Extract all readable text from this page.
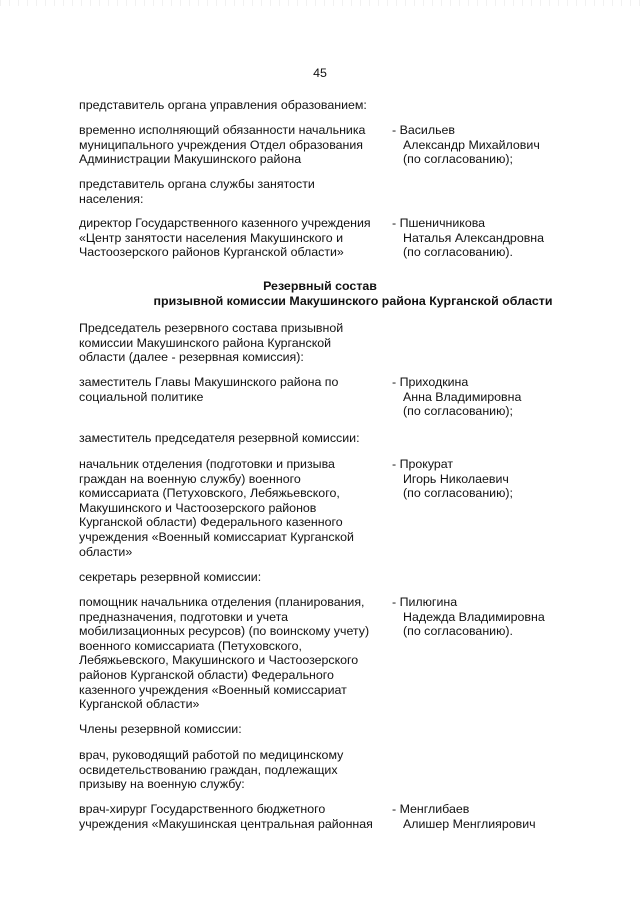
45
представитель органа управления образованием:
временно исполняющий обязанности начальника
муниципального учреждения Отдел образования
Администрации Макушинского района
- Васильев
Александр Михайлович
(по согласованию);
представитель органа службы занятости
населения:
директор Государственного казенного учреждения
«Центр занятости населения Макушинского и
Частоозерского районов Курганской области»
- Пшеничникова
Наталья Александровна
(по согласованию).
Резервный состав
призывной комиссии Макушинского района Курганской области
Председатель резервного состава призывной
комиссии Макушинского района Курганской
области (далее - резервная комиссия):
заместитель Главы Макушинского района по
социальной политике
- Приходкина
Анна Владимировна
(по согласованию);
заместитель председателя резервной комиссии:
начальник отделения (подготовки и призыва
граждан на военную службу) военного
комиссариата (Петуховского, Лебяжьевского,
Макушинского и Частоозерского районов
Курганской области) Федерального казенного
учреждения «Военный комиссариат Курганской
области»
- Прокурат
Игорь Николаевич
(по согласованию);
секретарь резервной комиссии:
помощник начальника отделения (планирования,
предназначения, подготовки и учета
мобилизационных ресурсов) (по воинскому учету)
военного комиссариата (Петуховского,
Лебяжьевского, Макушинского и Частоозерского
районов Курганской области) Федерального
казенного учреждения «Военный комиссариат
Курганской области»
- Пилюгина
Надежда Владимировна
(по согласованию).
Члены резервной комиссии:
врач, руководящий работой по медицинскому
освидетельствованию граждан, подлежащих
призыву на военную службу:
врач-хирург Государственного бюджетного
учреждения «Макушинская центральная районная
- Менглибаев
Алишер Менглиярович
